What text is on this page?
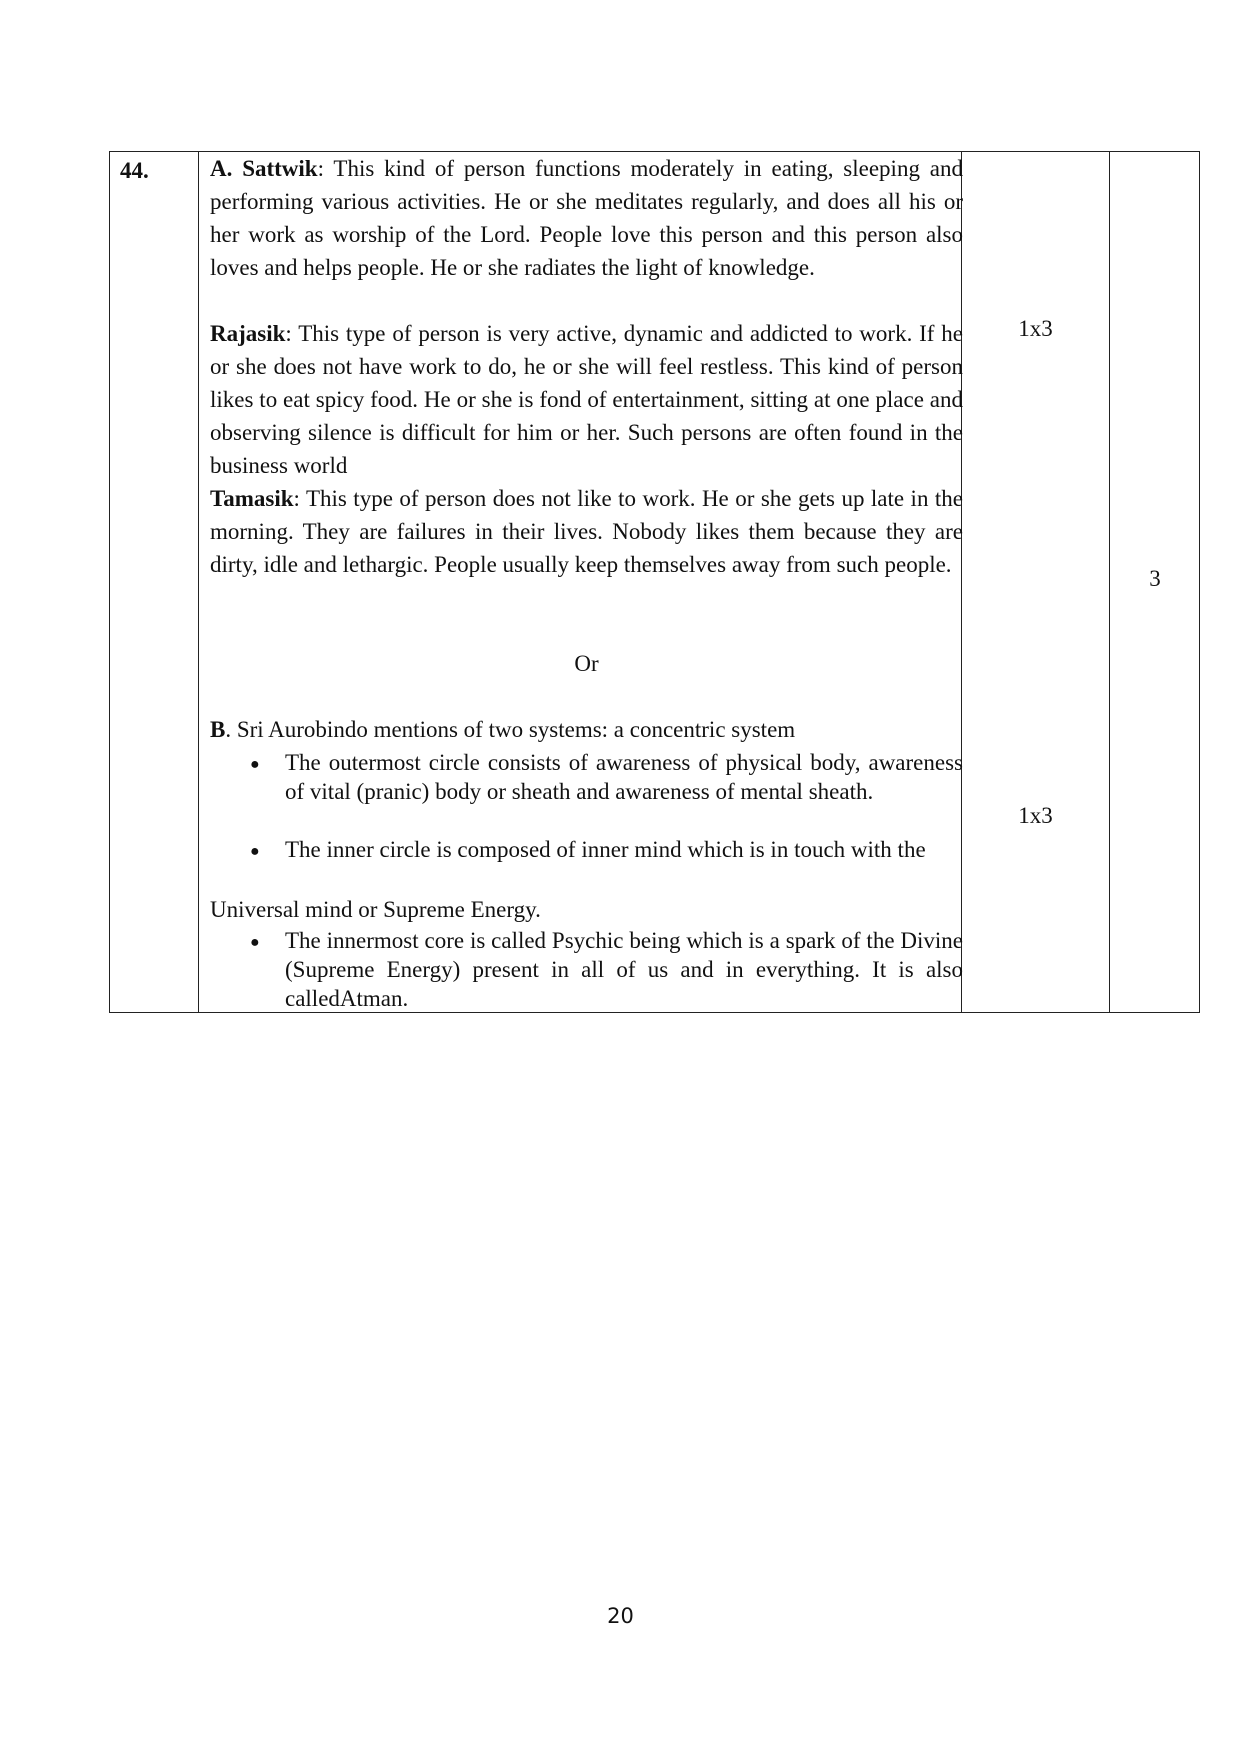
44.	A. Sattwik: This kind of person functions moderately in eating, sleeping and performing various activities. He or she meditates regularly, and does all his or her work as worship of the Lord. People love this person and this person also loves and helps people. He or she radiates the light of knowledge.

Rajasik: This type of person is very active, dynamic and addicted to work. If he or she does not have work to do, he or she will feel restless. This kind of person likes to eat spicy food. He or she is fond of entertainment, sitting at one place and observing silence is difficult for him or her. Such persons are often found in the business world

Tamasik: This type of person does not like to work. He or she gets up late in the morning. They are failures in their lives. Nobody likes them because they are dirty, idle and lethargic. People usually keep themselves away from such people.

Or

B. Sri Aurobindo mentions of two systems: a concentric system

● The outermost circle consists of awareness of physical body, awareness of vital (pranic) body or sheath and awareness of mental sheath.
● The inner circle is composed of inner mind which is in touch with the

Universal mind or Supreme Energy.

● The innermost core is called Psychic being which is a spark of the Divine (Supreme Energy) present in all of us and in everything. It is also calledAtman.
1x3
1x3
3
20
